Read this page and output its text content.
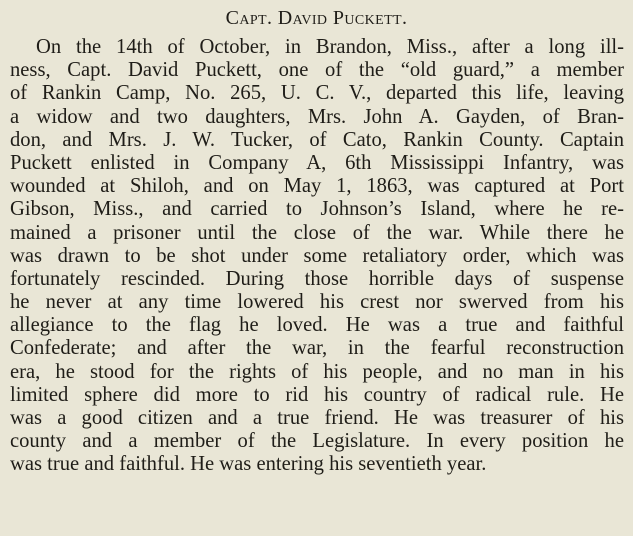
Capt. David Puckett.
On the 14th of October, in Brandon, Miss., after a long ill-
ness, Capt. David Puckett, one of the “old guard,” a member
of Rankin Camp, No. 265, U. C. V., departed this life, leaving
a widow and two daughters, Mrs. John A. Gayden, of Bran-
don, and Mrs. J. W. Tucker, of Cato, Rankin County. Captain
Puckett enlisted in Company A, 6th Mississippi Infantry, was
wounded at Shiloh, and on May 1, 1863, was captured at Port
Gibson, Miss., and carried to Johnson’s Island, where he re-
mained a prisoner until the close of the war. While there he
was drawn to be shot under some retaliatory order, which was
fortunately rescinded. During those horrible days of suspense
he never at any time lowered his crest nor swerved from his
allegiance to the flag he loved. He was a true and faithful
Confederate; and after the war, in the fearful reconstruction
era, he stood for the rights of his people, and no man in his
limited sphere did more to rid his country of radical rule. He
was a good citizen and a true friend. He was treasurer of his
county and a member of the Legislature. In every position he
was true and faithful. He was entering his seventieth year.
